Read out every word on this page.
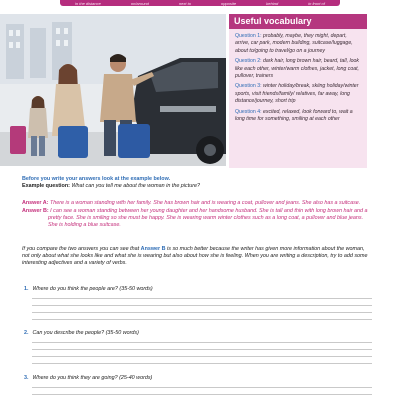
in the distance	on/around	next to	opposite	behind	in front of
Useful vocabulary

Question 1: probably, maybe, they might, depart, arrive, car park, modern building, suitcase/luggage, about to/going to travel/go on a journey

Question 2: dark hair, long brown hair, beard, tall, look like each other, winter/warm clothes, jacket, long coat, pullover, trainers

Question 3: winter holiday/break, skiing holiday/winter sports, visit friends/family/ relatives, far away, long distance/journey, short trip

Question 4: excited, relaxed, look forward to, wait a long time for something, smiling at each other

Before you write your answers look at the example below.
Example question: What can you tell me about the woman in the picture?
Answer A: There is a woman standing with her family. She has brown hair and is wearing a coat, pullover and jeans. She also has a suitcase.
Answer B: I can see a woman standing between her young daughter and her handsome husband. She is tall and thin with long brown hair and a pretty face. She is smiling so she must be happy. She is wearing warm winter clothes such as a long coat, a pullover and blue jeans. She is holding a blue suitcase.
If you compare the two answers you can see that Answer B is so much better because the writer has given more information about the woman, not only about what she looks like and what she is wearing but also about how she is feeling. When you are writing a description, try to add some interesting adjectives and a variety of verbs.
1. Where do you think the people are? (35-50 words)
2. Can you describe the people? (35-50 words)
3. Where do you think they are going? (25-40 words)
